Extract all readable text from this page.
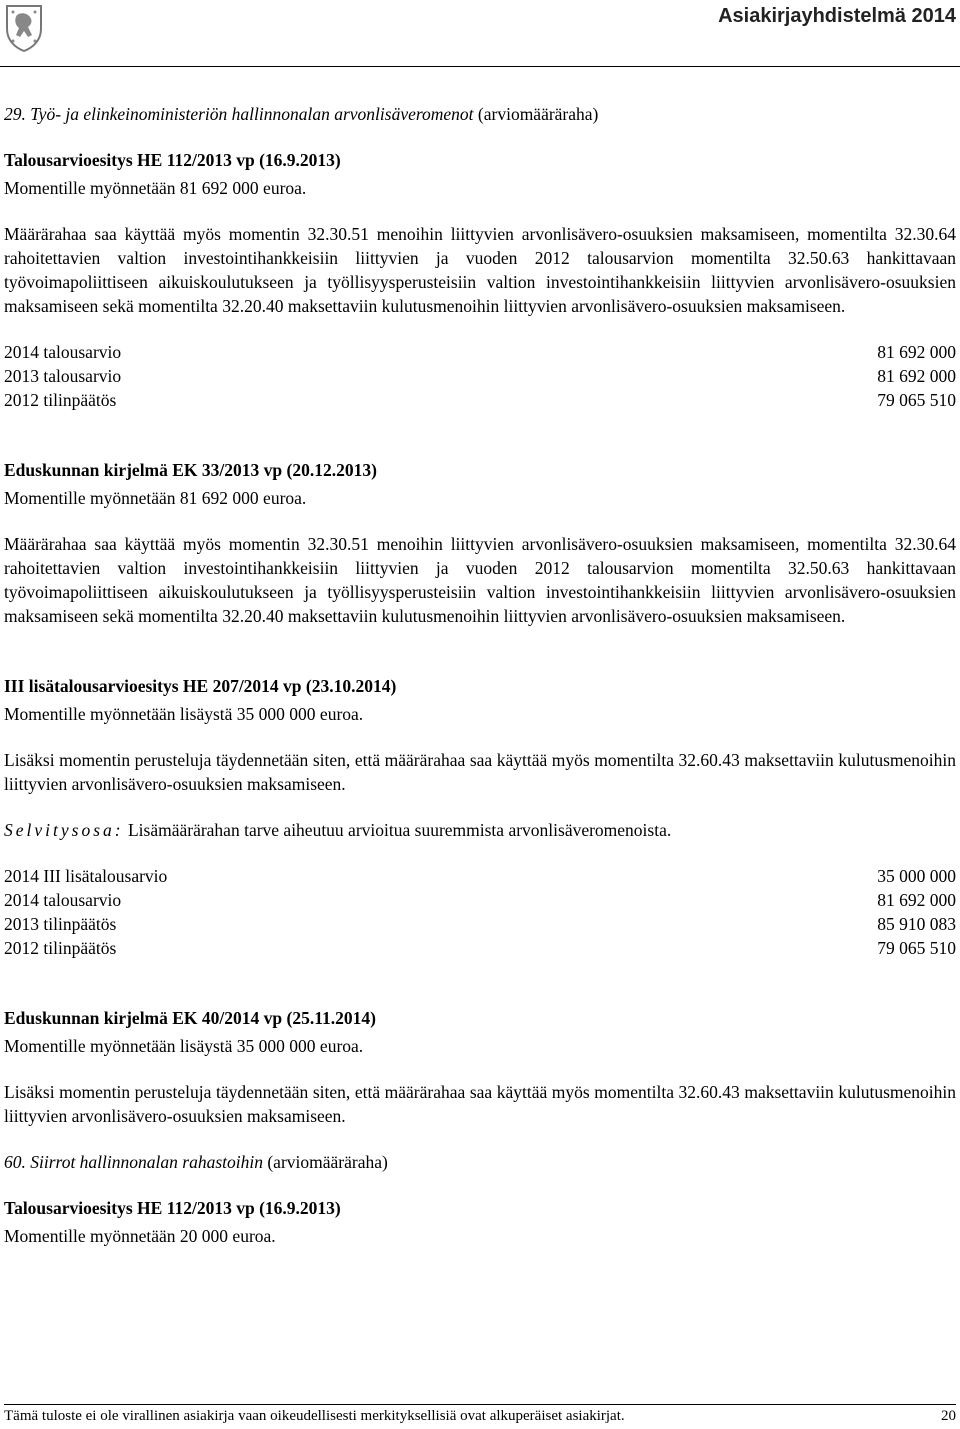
Asiakirjayhdistelmä 2014

29. Työ- ja elinkeinoministeriön hallinnonalan arvonlisäveromenot (arviomääräraha)

Talousarvioesitys HE 112/2013 vp (16.9.2013)

Momentille myönnetään 81 692 000 euroa.

Määrärahaa saa käyttää myös momentin 32.30.51 menoihin liittyvien arvonlisävero-osuuksien maksamiseen, momentilta 32.30.64 rahoitettavien valtion investointihankkeisiin liittyvien ja vuoden 2012 talousarvion momentilta 32.50.63 hankittavaan työvoimapoliittiseen aikuiskoulutukseen ja työllisyysperusteisiin valtion investointihankkeisiin liittyvien arvonlisävero-osuuksien maksamiseen sekä momentilta 32.20.40 maksettaviin kulutusmenoihin liittyvien arvonlisävero-osuuksien maksamiseen.

2014 talousarvio	81 692 000
2013 talousarvio	81 692 000
2012 tilinpäätös	79 065 510

Eduskunnan kirjelmä EK 33/2013 vp (20.12.2013)

Momentille myönnetään 81 692 000 euroa.

Määrärahaa saa käyttää myös momentin 32.30.51 menoihin liittyvien arvonlisävero-osuuksien maksamiseen, momentilta 32.30.64 rahoitettavien valtion investointihankkeisiin liittyvien ja vuoden 2012 talousarvion momentilta 32.50.63 hankittavaan työvoimapoliittiseen aikuiskoulutukseen ja työllisyysperusteisiin valtion investointihankkeisiin liittyvien arvonlisävero-osuuksien maksamiseen sekä momentilta 32.20.40 maksettaviin kulutusmenoihin liittyvien arvonlisävero-osuuksien maksamiseen.

III lisätalousarvioesitys HE 207/2014 vp (23.10.2014)

Momentille myönnetään lisäystä 35 000 000 euroa.

Lisäksi momentin perusteluja täydennetään siten, että määrärahaa saa käyttää myös momentilta 32.60.43 maksettaviin kulutusmenoihin liittyvien arvonlisävero-osuuksien maksamiseen.

Selvitysosa: Lisämäärärahan tarve aiheutuu arvioitua suuremmista arvonlisäveromenoista.

2014 III lisätalousarvio	35 000 000
2014 talousarvio	81 692 000
2013 tilinpäätös	85 910 083
2012 tilinpäätös	79 065 510

Eduskunnan kirjelmä EK 40/2014 vp (25.11.2014)

Momentille myönnetään lisäystä 35 000 000 euroa.

Lisäksi momentin perusteluja täydennetään siten, että määrärahaa saa käyttää myös momentilta 32.60.43 maksettaviin kulutusmenoihin liittyvien arvonlisävero-osuuksien maksamiseen.

60. Siirrot hallinnonalan rahastoihin (arviomääräraha)

Talousarvioesitys HE 112/2013 vp (16.9.2013)

Momentille myönnetään 20 000 euroa.

Tämä tuloste ei ole virallinen asiakirja vaan oikeudellisesti merkityksellisiä ovat alkuperäiset asiakirjat.	20
